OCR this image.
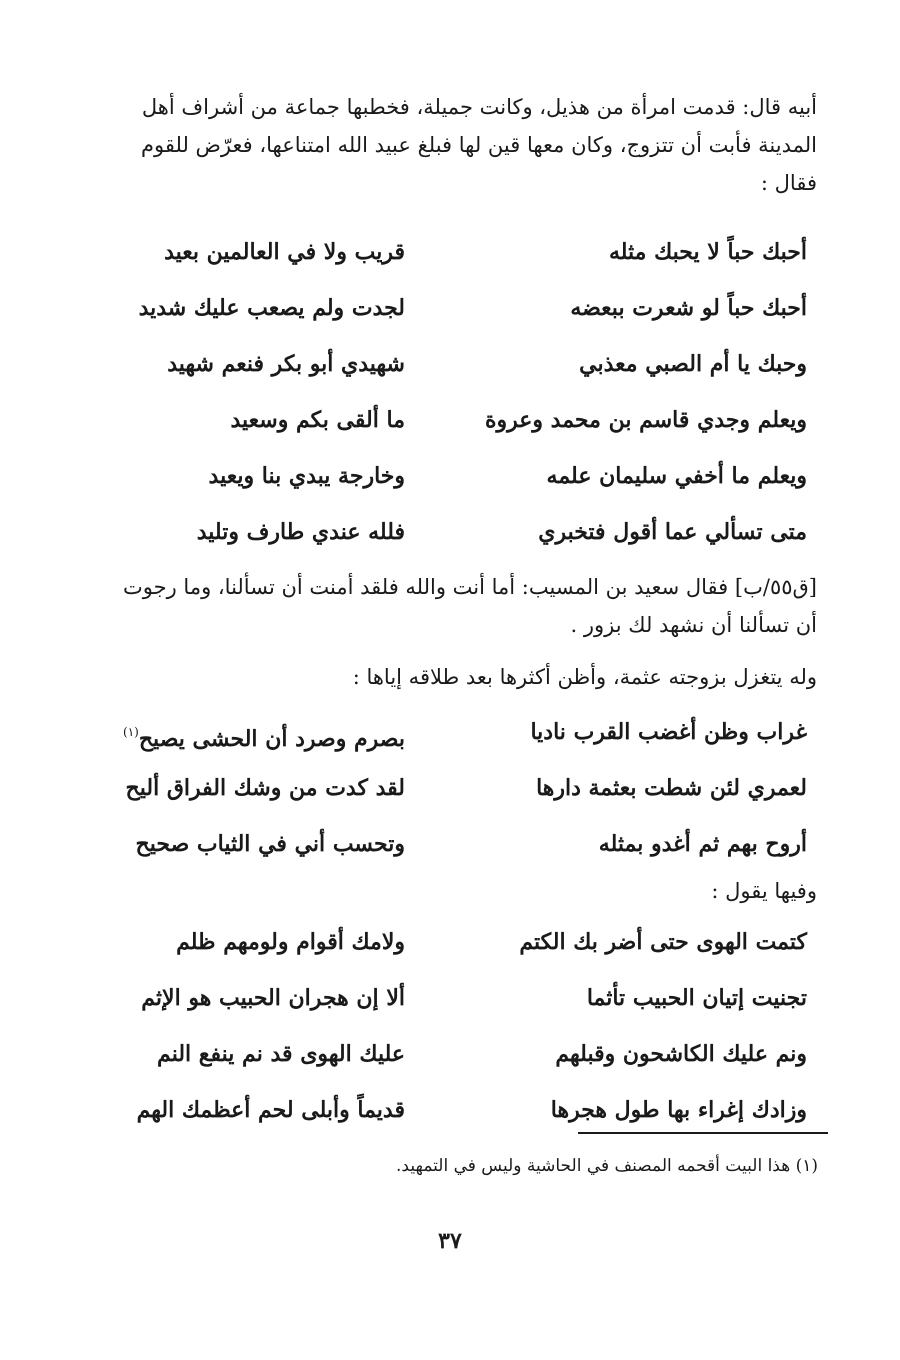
أبيه قال: قدمت امرأة من هذيل، وكانت جميلة، فخطبها جماعة من أشراف أهل المدينة فأبت أن تتزوج، وكان معها قين لها فبلغ عبيد الله امتناعها، فعرّض للقوم فقال :

أحبك حباً لا يحبك مثله
قريب ولا في العالمين بعيد
أحبك حباً لو شعرت ببعضه
لجدت ولم يصعب عليك شديد
وحبك يا أم الصبي معذبي
شهيدي أبو بكر فنعم شهيد
ويعلم وجدي قاسم بن محمد وعروة
ما ألقى بكم وسعيد
ويعلم ما أخفي سليمان علمه
وخارجة يبدي بنا ويعيد
متى تسألي عما أقول فتخبري
فلله عندي طارف وتليد

[ق٥٥/ب] فقال سعيد بن المسيب: أما أنت والله فلقد أمنت أن تسألنا، وما رجوت أن تسألنا أن نشهد لك بزور .

وله يتغزل بزوجته عثمة، وأظن أكثرها بعد طلاقه إياها :

غراب وظن أغضب القرب ناديا
بصرم وصرد أن الحشى يصيح$^{(١)}$
لعمري لئن شطت بعثمة دارها
لقد كدت من وشك الفراق أليح
أروح بهم ثم أغدو بمثله
وتحسب أني في الثياب صحيح

وفيها يقول :

كتمت الهوى حتى أضر بك الكتم
ولامك أقوام ولومهم ظلم
تجنيت إتيان الحبيب تأثما
ألا إن هجران الحبيب هو الإثم
ونم عليك الكاشحون وقبلهم
عليك الهوى قد نم ينفع النم
وزادك إغراء بها طول هجرها
قديماً وأبلى لحم أعظمك الهم
(١) هذا البيت أقحمه المصنف في الحاشية وليس في التمهيد.
٣٧
